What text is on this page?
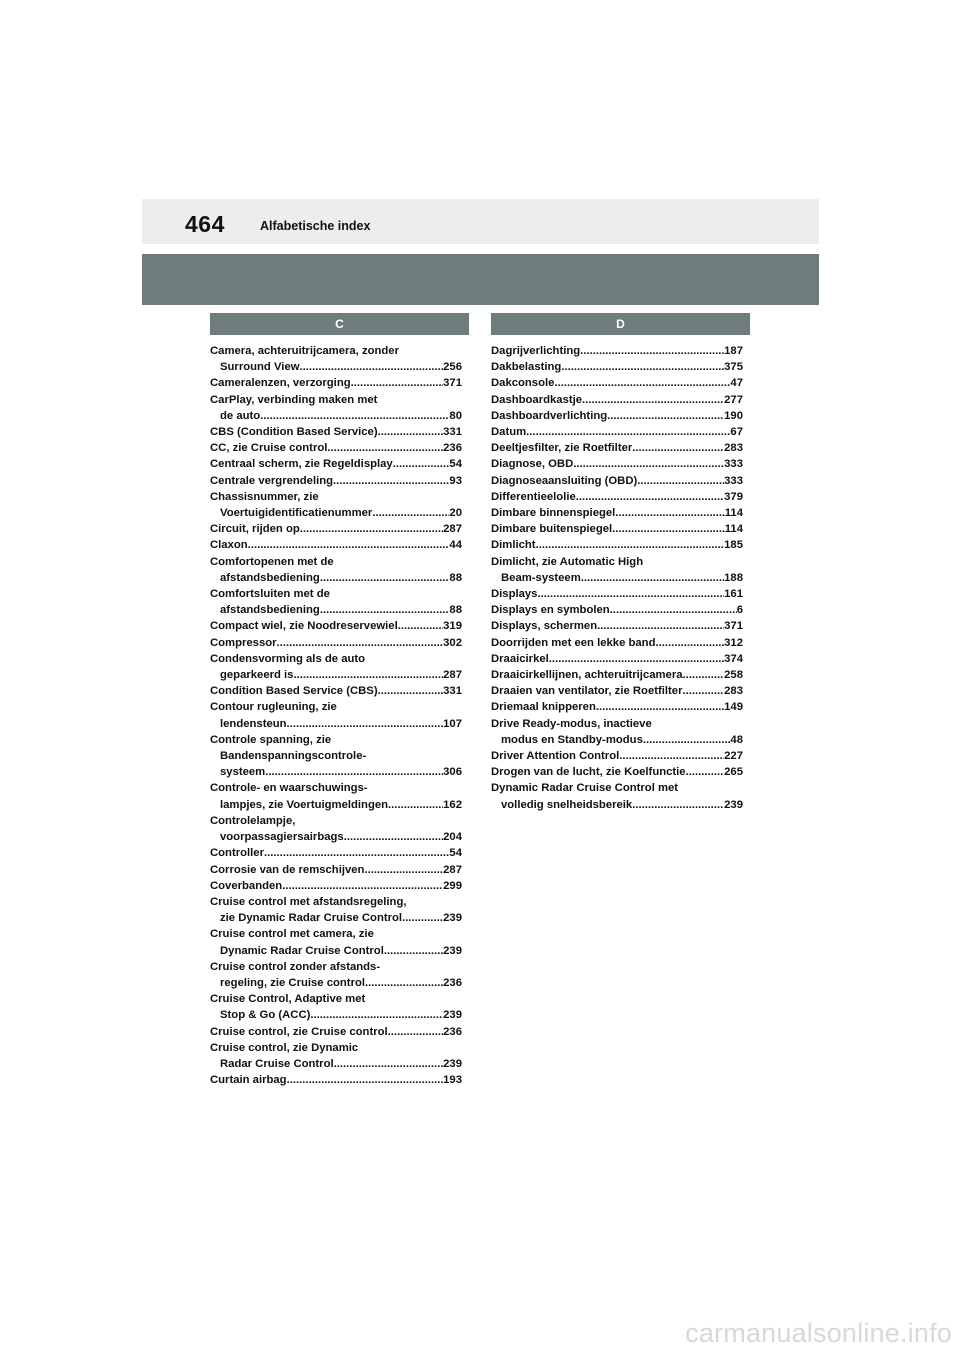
464	Alfabetische index
C	D
Camera, achteruitrijcamera, zonder
Surround View .....	256
Cameralenzen, verzorging .....	371
CarPlay, verbinding maken met
de auto .....	80
CBS (Condition Based Service) .....	331
CC, zie Cruise control .....	236
Centraal scherm, zie Regeldisplay .....	54
Centrale vergrendeling .....	93
Chassisnummer, zie
Voertuigidentificatienummer .....	20
Circuit, rijden op .....	287
Claxon .....	44
Comfortopenen met de
afstandsbediening .....	88
Comfortsluiten met de
afstandsbediening .....	88
Compact wiel, zie Noodreservewiel .....	319
Compressor .....	302
Condensvorming als de auto
geparkeerd is .....	287
Condition Based Service (CBS) .....	331
Contour rugleuning, zie
lendensteun .....	107
Controle spanning, zie
Bandenspanningscontrole-
systeem .....	306
Controle- en waarschuwings-
lampjes, zie Voertuigmeldingen .....	162
Controlelampje,
voorpassagiersairbags .....	204
Controller .....	54
Corrosie van de remschijven .....	287
Coverbanden .....	299
Cruise control met afstandsregeling,
zie Dynamic Radar Cruise Control .....	239
Cruise control met camera, zie
Dynamic Radar Cruise Control .....	239
Cruise control zonder afstands-
regeling, zie Cruise control .....	236
Cruise Control, Adaptive met
Stop & Go (ACC) .....	239
Cruise control, zie Cruise control .....	236
Cruise control, zie Dynamic
Radar Cruise Control .....	239
Curtain airbag .....	193
Dagrijverlichting .....	187
Dakbelasting .....	375
Dakconsole .....	47
Dashboardkastje .....	277
Dashboardverlichting .....	190
Datum .....	67
Deeltjesfilter, zie Roetfilter .....	283
Diagnose, OBD .....	333
Diagnoseaansluiting (OBD) .....	333
Differentieelolie .....	379
Dimbare binnenspiegel .....	114
Dimbare buitenspiegel .....	114
Dimlicht .....	185
Dimlicht, zie Automatic High
Beam-systeem .....	188
Displays .....	161
Displays en symbolen .....	6
Displays, schermen .....	371
Doorrijden met een lekke band .....	312
Draaicirkel .....	374
Draaicirkellijnen, achteruitrijcamera .....	258
Draaien van ventilator, zie Roetfilter .....	283
Driemaal knipperen .....	149
Drive Ready-modus, inactieve
modus en Standby-modus .....	48
Driver Attention Control .....	227
Drogen van de lucht, zie Koelfunctie .....	265
Dynamic Radar Cruise Control met
volledig snelheidsbereik .....	239
carmanualsonline.info
